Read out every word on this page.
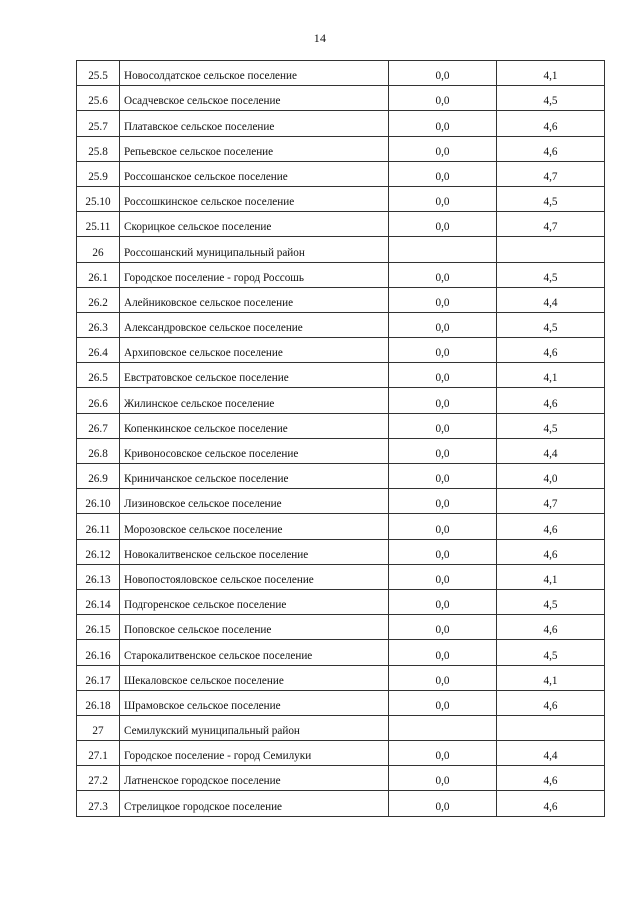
14
25.5	Новосолдатское сельское поселение	0,0	4,1
25.6	Осадчевское сельское поселение	0,0	4,5
25.7	Платавское сельское поселение	0,0	4,6
25.8	Репьевское сельское поселение	0,0	4,6
25.9	Россошанское сельское поселение	0,0	4,7
25.10	Россошкинское сельское поселение	0,0	4,5
25.11	Скорицкое сельское поселение	0,0	4,7
26	Россошанский муниципальный район		
26.1	Городское поселение - город Россошь	0,0	4,5
26.2	Алейниковское сельское поселение	0,0	4,4
26.3	Александровское сельское поселение	0,0	4,5
26.4	Архиповское сельское поселение	0,0	4,6
26.5	Евстратовское сельское поселение	0,0	4,1
26.6	Жилинское сельское поселение	0,0	4,6
26.7	Копенкинское сельское поселение	0,0	4,5
26.8	Кривоносовское сельское поселение	0,0	4,4
26.9	Криничанское сельское поселение	0,0	4,0
26.10	Лизиновское сельское поселение	0,0	4,7
26.11	Морозовское сельское поселение	0,0	4,6
26.12	Новокалитвенское сельское поселение	0,0	4,6
26.13	Новопостояловское сельское поселение	0,0	4,1
26.14	Подгоренское сельское поселение	0,0	4,5
26.15	Поповское сельское поселение	0,0	4,6
26.16	Старокалитвенское сельское поселение	0,0	4,5
26.17	Шекаловское сельское поселение	0,0	4,1
26.18	Шрамовское сельское поселение	0,0	4,6
27	Семилукский муниципальный район		
27.1	Городское поселение - город Семилуки	0,0	4,4
27.2	Латненское городское поселение	0,0	4,6
27.3	Стрелицкое городское поселение	0,0	4,6
